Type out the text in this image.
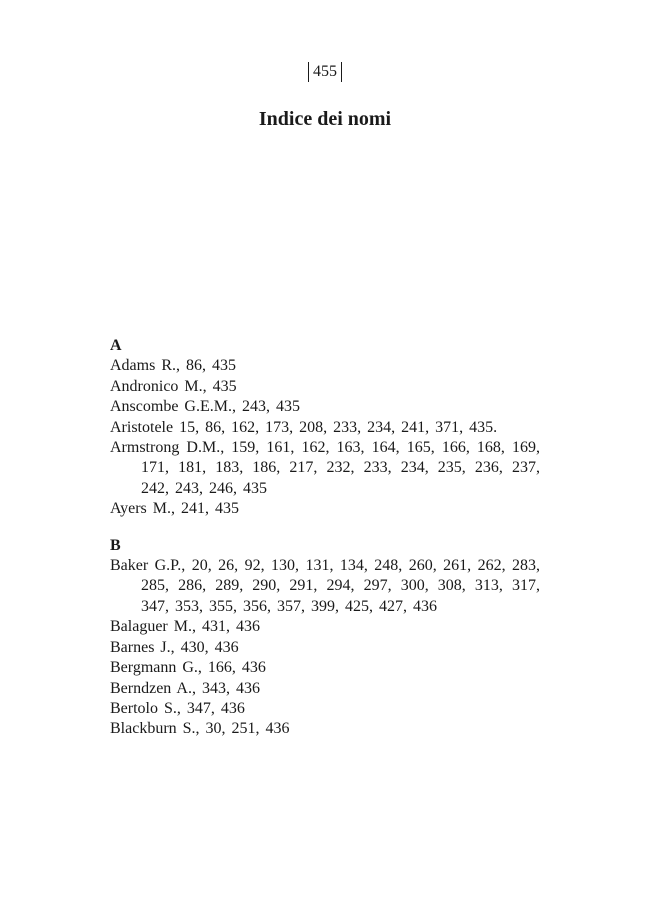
455
Indice dei nomi

A

Adams R., 86, 435

Andronico M., 435

Anscombe G.E.M., 243, 435

Aristotele 15, 86, 162, 173, 208, 233, 234, 241, 371, 435.

Armstrong D.M., 159, 161, 162, 163, 164, 165, 166, 168, 169, 171, 181, 183, 186, 217, 232, 233, 234, 235, 236, 237, 242, 243, 246, 435

Ayers M., 241, 435

B

Baker G.P., 20, 26, 92, 130, 131, 134, 248, 260, 261, 262, 283, 285, 286, 289, 290, 291, 294, 297, 300, 308, 313, 317, 347, 353, 355, 356, 357, 399, 425, 427, 436

Balaguer M., 431, 436

Barnes J., 430, 436

Bergmann G., 166, 436

Berndzen A., 343, 436

Bertolo S., 347, 436

Blackburn S., 30, 251, 436
